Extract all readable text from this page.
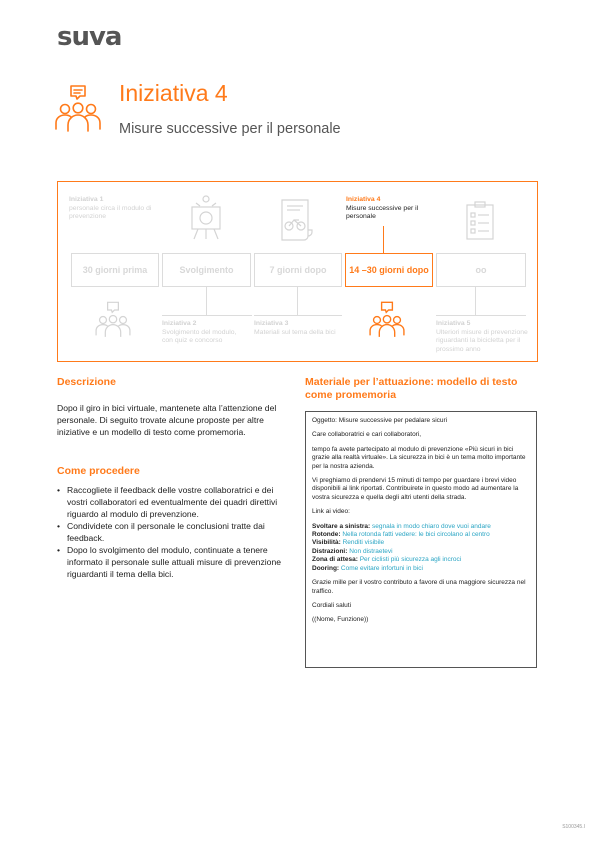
suva
Iniziativa 4
Misure successive per il personale
Iniziativa 1
personale circa il modulo di prevenzione
Iniziativa 4
Misure successive per il personale
30 giorni prima	Svolgimento	7 giorni dopo	14 –30 giorni dopo	oo
Iniziativa 2
Svolgimento del modulo, con quiz e concorso
Iniziativa 3
Materiali sul tema della bici
Iniziativa 5
Ulteriori misure di prevenzione riguardanti la bicicletta per il prossimo anno
Descrizione
Dopo il giro in bici virtuale, mantenete alta l’attenzione del personale. Di seguito trovate alcune proposte per altre iniziative e un modello di testo come promemoria.
Come procedere
• Raccogliete il feedback delle vostre collaboratrici e dei vostri collaboratori ed eventualmente dei quadri direttivi riguardo al modulo di prevenzione.
• Condividete con il personale le conclusioni tratte dai feedback.
• Dopo lo svolgimento del modulo, continuate a tenere informato il personale sulle attuali misure di prevenzione riguardanti il tema della bici.
Materiale per l’attuazione: modello di testo come promemoria

Oggetto: Misure successive per pedalare sicuri

Care collaboratrici e cari collaboratori,

tempo fa avete partecipato al modulo di prevenzione «Più sicuri in bici grazie alla realtà virtuale». La sicurezza in bici è un tema molto importante per la nostra azienda.

Vi preghiamo di prendervi 15 minuti di tempo per guardare i brevi video disponibili ai link riportati. Contribuirete in questo modo ad aumentare la vostra sicurezza e quella degli altri utenti della strada.

Link ai video:

Svoltare a sinistra: segnala in modo chiaro dove vuoi andare
Rotonde: Nella rotonda fatti vedere: le bici circolano al centro
Visibilità: Renditi visibile
Distrazioni: Non distraetevi
Zona di attesa: Per ciclisti più sicurezza agli incroci
Dooring: Come evitare infortuni in bici

Grazie mille per il vostro contributo a favore di una maggiore sicurezza nel traffico.

Cordiali saluti

((Nome, Funzione))

S100345.I
